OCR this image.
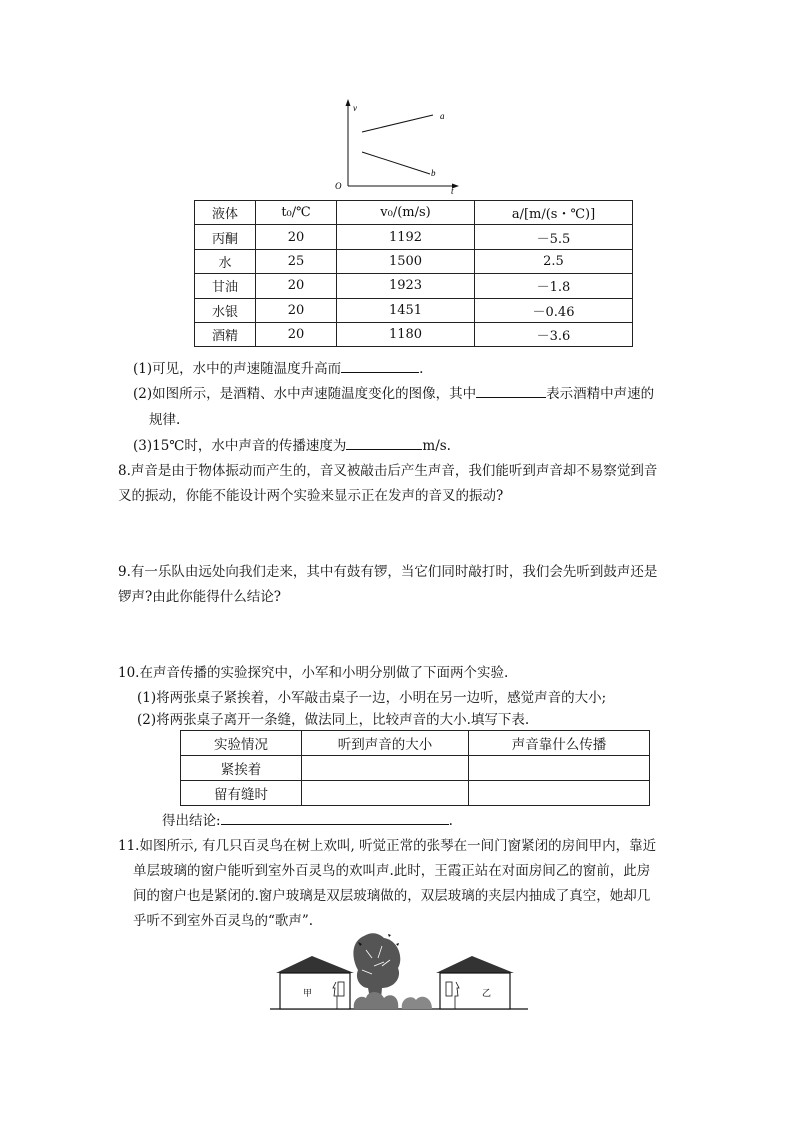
v
t
O
a
b
液体	t₀/℃	v₀/(m/s)	a/[m/(s・℃)]
丙酮	20	1192	－5.5
水	25	1500	2.5
甘油	20	1923	－1.8
水银	20	1451	－0.46
酒精	20	1180	－3.6
(1)可见，水中的声速随温度升高而	.
(2)如图所示，是酒精、水中声速随温度变化的图像，其中	表示酒精中声速的
规律.
(3)15℃时，水中声音的传播速度为	m/s.
8.声音是由于物体振动而产生的，音叉被敲击后产生声音，我们能听到声音却不易察觉到音
叉的振动，你能不能设计两个实验来显示正在发声的音叉的振动?
9.有一乐队由远处向我们走来，其中有鼓有锣，当它们同时敲打时，我们会先听到鼓声还是
锣声?由此你能得什么结论?
10.在声音传播的实验探究中，小军和小明分别做了下面两个实验.
(1)将两张桌子紧挨着，小军敲击桌子一边，小明在另一边听，感觉声音的大小;
(2)将两张桌子离开一条缝，做法同上，比较声音的大小.填写下表.
实验情况	听到声音的大小	声音靠什么传播
紧挨着		
留有缝时		
得出结论:	.
11.如图所示, 有几只百灵鸟在树上欢叫, 听觉正常的张琴在一间门窗紧闭的房间甲内，靠近
单层玻璃的窗户能听到室外百灵鸟的欢叫声.此时，王霞正站在对面房间乙的窗前，此房
间的窗户也是紧闭的.窗户玻璃是双层玻璃做的，双层玻璃的夹层内抽成了真空，她却几
乎听不到室外百灵鸟的“歌声”.
甲	乙
